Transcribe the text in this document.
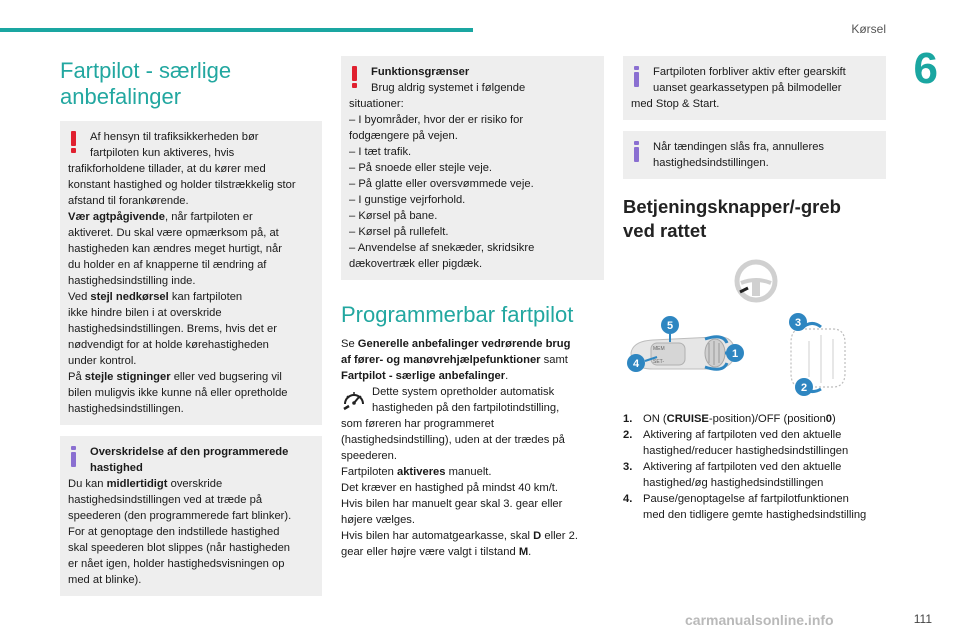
Kørsel
6
Fartpilot - særlige
anbefalinger
Af hensyn til trafiksikkerheden bør
fartpiloten kun aktiveres, hvis
trafikforholdene tillader, at du kører med
konstant hastighed og holder tilstrækkelig stor
afstand til forankørende.
Vær agtpågivende, når fartpiloten er
aktiveret. Du skal være opmærksom på, at
hastigheden kan ændres meget hurtigt, når
du holder en af knapperne til ændring af
hastighedsindstilling inde.
Ved stejl nedkørsel kan fartpiloten
ikke hindre bilen i at overskride
hastighedsindstillingen. Brems, hvis det er
nødvendigt for at holde kørehastigheden
under kontrol.
På stejle stigninger eller ved bugsering vil
bilen muligvis ikke kunne nå eller opretholde
hastighedsindstillingen.
Overskridelse af den programmerede
hastighed
Du kan midlertidigt overskride
hastighedsindstillingen ved at træde på
speederen (den programmerede fart blinker).
For at genoptage den indstillede hastighed
skal speederen blot slippes (når hastigheden
er nået igen, holder hastighedsvisningen op
med at blinke).
Funktionsgrænser
Brug aldrig systemet i følgende
situationer:
– I byområder, hvor der er risiko for
fodgængere på vejen.
– I tæt trafik.
– På snoede eller stejle veje.
– På glatte eller oversvømmede veje.
– I gunstige vejrforhold.
– Kørsel på bane.
– Kørsel på rullefelt.
– Anvendelse af snekæder, skridsikre
dækovertræk eller pigdæk.
Programmerbar fartpilot
Se Generelle anbefalinger vedrørende brug
af fører- og manøvrehjælpefunktioner samt
Fartpilot - særlige anbefalinger.
Dette system opretholder automatisk
hastigheden på den fartpilotindstilling,
som føreren har programmeret
(hastighedsindstilling), uden at der trædes på
speederen.
Fartpiloten aktiveres manuelt.
Det kræver en hastighed på mindst 40 km/t.
Hvis bilen har manuelt gear skal 3. gear eller
højere vælges.
Hvis bilen har automatgearkasse, skal D eller 2.
gear eller højre være valgt i tilstand M.
Fartpiloten forbliver aktiv efter gearskift
uanset gearkassetypen på bilmodeller
med Stop & Start.
Når tændingen slås fra, annulleres
hastighedsindstillingen.
Betjeningsknapper/-greb
ved rattet
MEM
SET-
5
1
4
3
2
1. ON (CRUISE-position)/OFF (position0)
2. Aktivering af fartpiloten ved den aktuelle
hastighed/reducer hastighedsindstillingen
3. Aktivering af fartpiloten ved den aktuelle
hastighed/øg hastighedsindstillingen
4. Pause/genoptagelse af fartpilotfunktionen
med den tidligere gemte hastighedsindstilling
carmanualsonline.info	111
